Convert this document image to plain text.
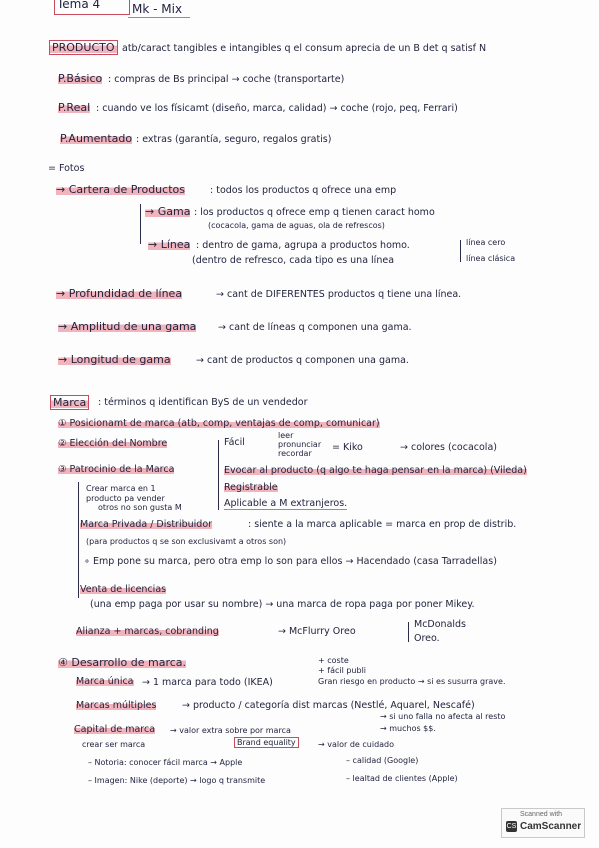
Tema 4	Mk - Mix
PRODUCTO atb/caract tangibles e intangibles q el consum aprecia de un B det q satisf N
P.Básico : compras de Bs principal → coche (transportarte)
P.Real : cuando ve los físicamt (diseño, marca, calidad) → coche (rojo, peq, Ferrari)
P.Aumentado : extras (garantía, seguro, regalos gratis)
= Fotos
→ Cartera de Productos	: todos los productos q ofrece una emp
→ Gama : los productos q ofrece emp q tienen caract homo
(cocacola, gama de aguas, ola de refrescos)
→ Línea : dentro de gama, agrupa a productos homo.
(dentro de refresco, cada tipo es una línea
línea cero
línea clásica
→ Profundidad de línea	→ cant de DIFERENTES productos q tiene una línea.
→ Amplitud de una gama → cant de líneas q componen una gama.
→ Longitud de gama	→ cant de productos q componen una gama.
Marca	: términos q identifican ByS de un vendedor
① Posicionamt de marca (atb, comp, ventajas de comp, comunicar)
② Elección del Nombre	Fácil
leer
pronunciar
recordar
= Kiko	→ colores (cocacola)
③ Patrocinio de la Marca	Evocar al producto (q algo te haga pensar en la marca) (Vileda)
Registrable
Aplicable a M extranjeros.
Crear marca en 1
producto pa vender
otros no son gusta M
Marca Privada / Distribuidor	: siente a la marca aplicable = marca en prop de distrib.
(para productos q se son exclusivamt a otros son)
∘ Emp pone su marca, pero otra emp lo son para ellos → Hacendado (casa Tarradellas)
Venta de licencias
(una emp paga por usar su nombre) → una marca de ropa paga por poner Mikey.
Alianza + marcas, cobranding	→ McFlurry Oreo
McDonalds
Oreo.
④ Desarrollo de marca.
Marca única → 1 marca para todo (IKEA)
+ coste
+ fácil publi
Gran riesgo en producto → si es susurra grave.
Marcas múltiples	→ producto / categoría dist marcas (Nestlé, Aquarel, Nescafé)
Capital de marca → valor extra sobre por marca
→ si uno falla no afecta al resto
→ muchos $$.
crear ser marca	Brand equality	→ valor de cuidado
– Notoria: conocer fácil marca → Apple	– calidad (Google)
– Imagen: Nike (deporte) → logo q transmite	– lealtad de clientes (Apple)
Scanned with
CS CamScanner
